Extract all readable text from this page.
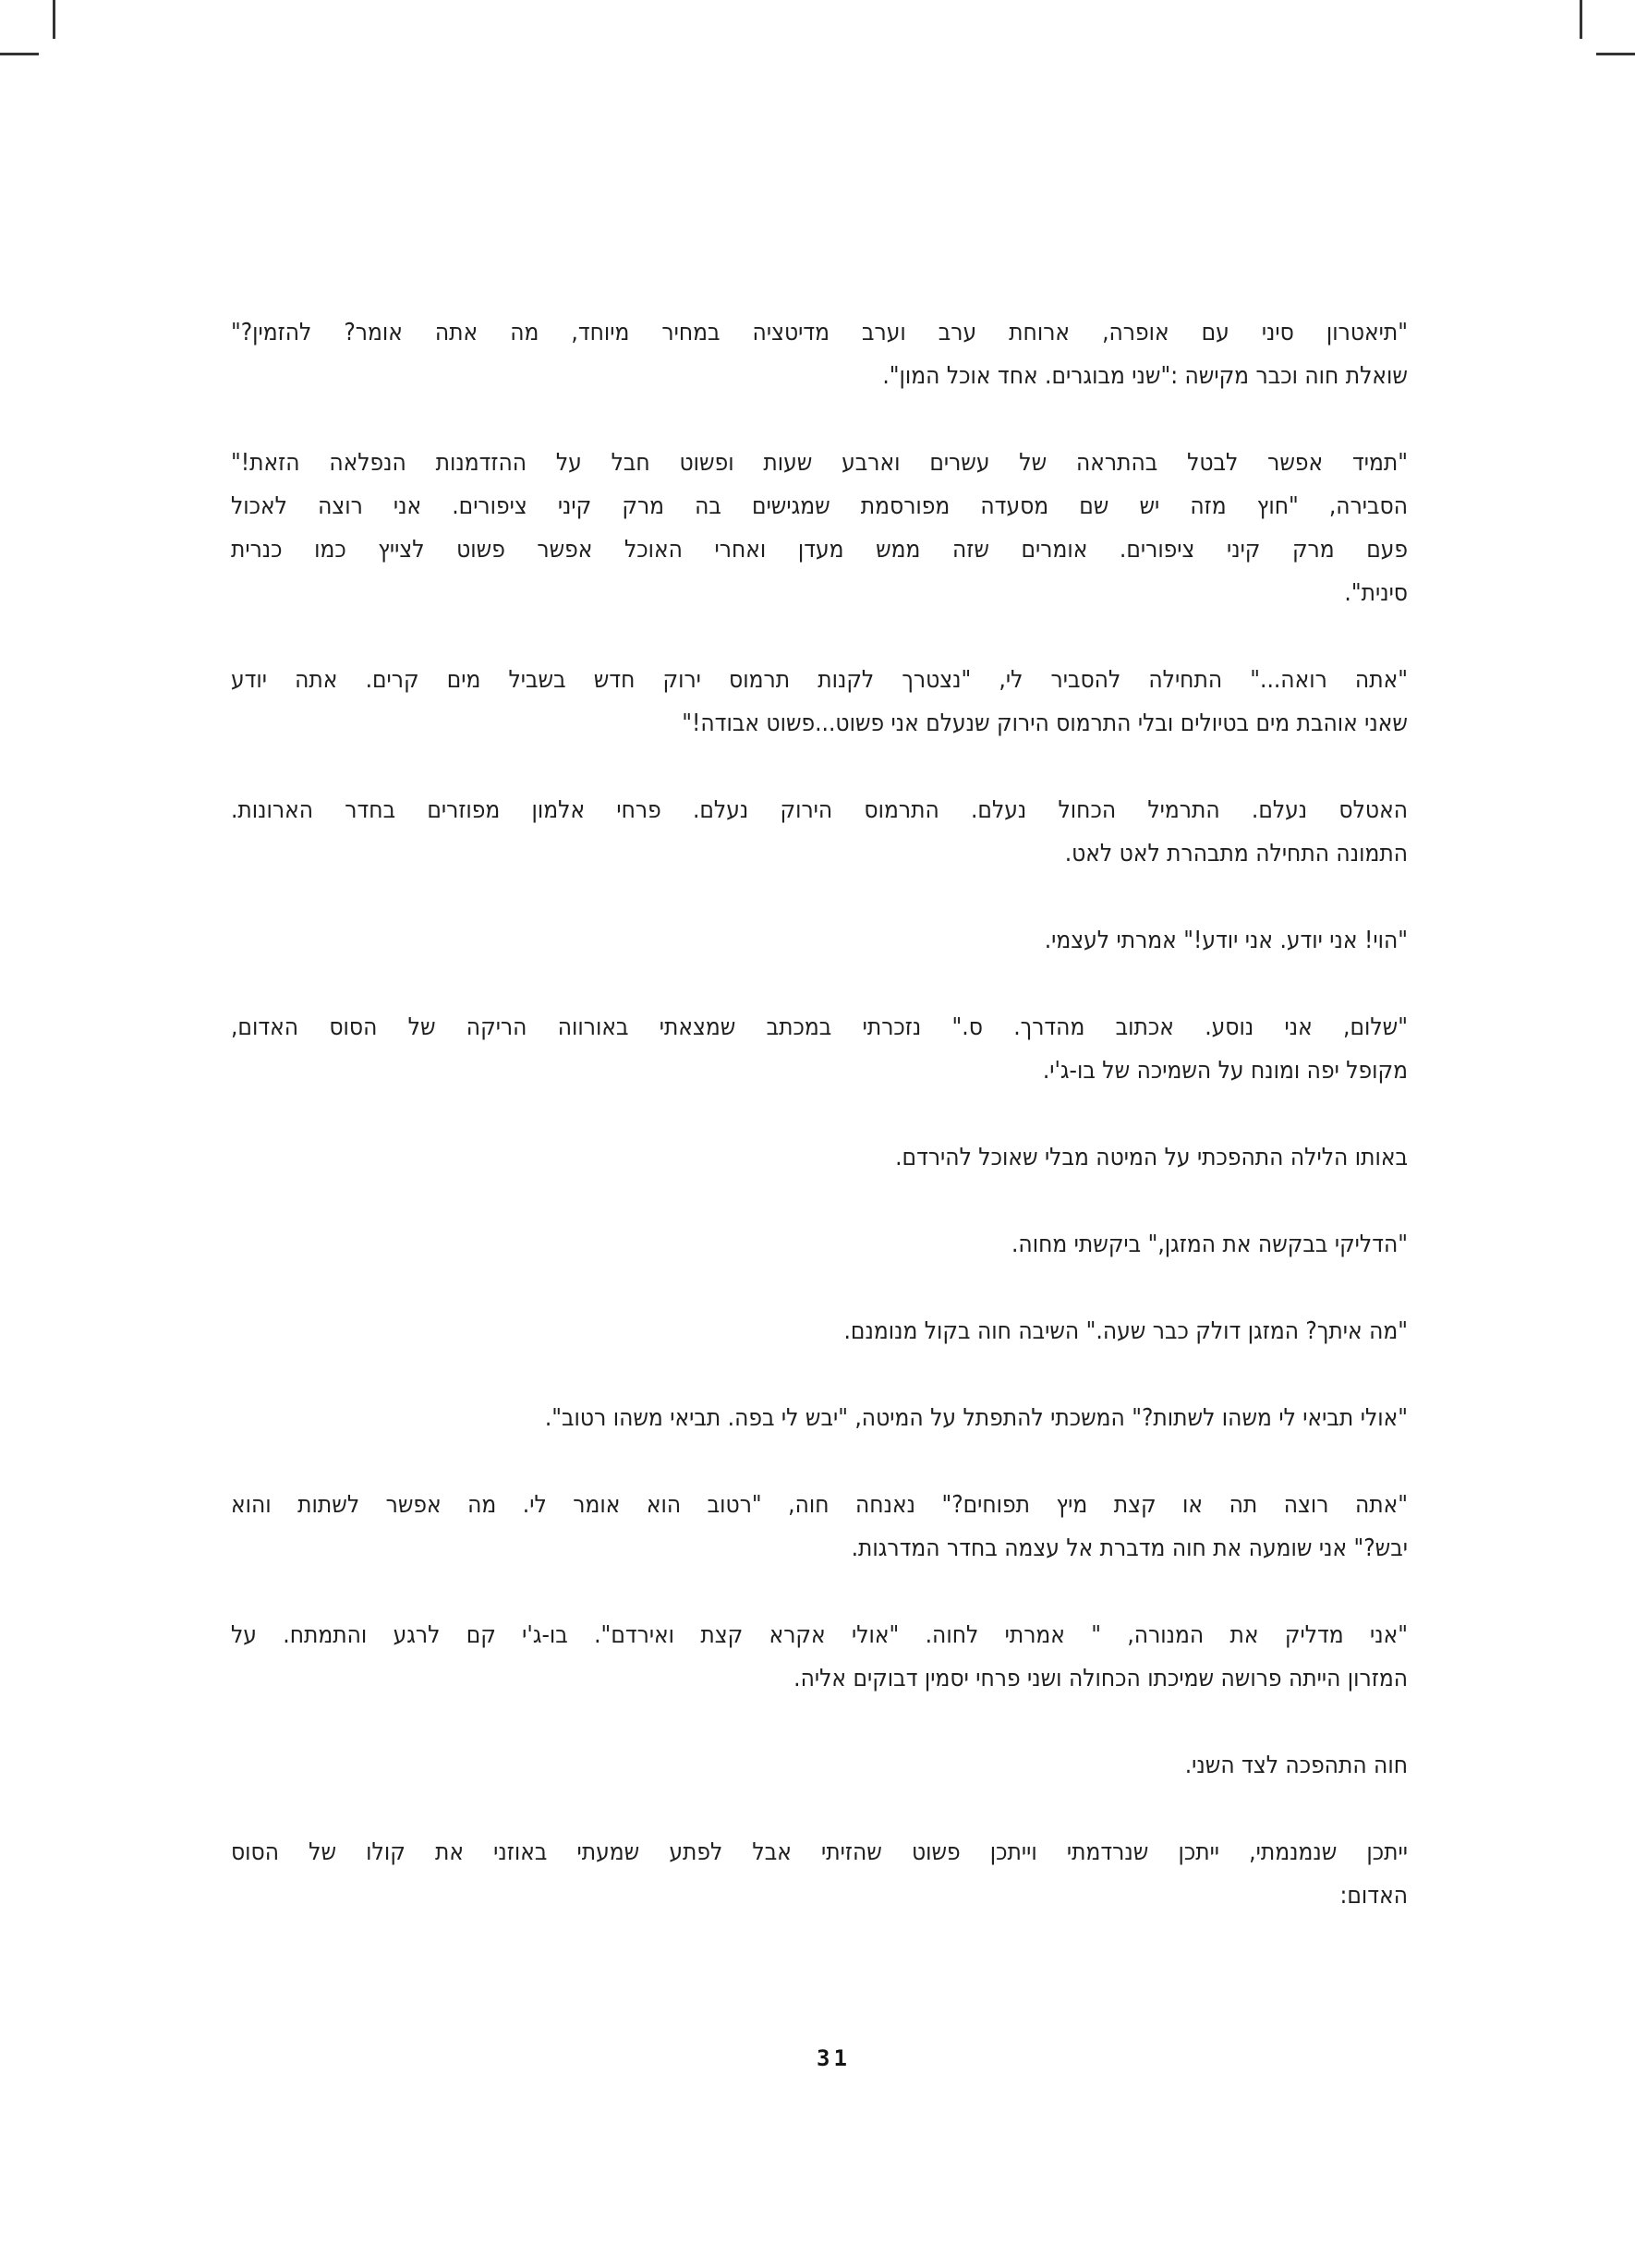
"תיאטרון סיני עם אופרה, ארוחת ערב וערב מדיטציה במחיר מיוחד, מה אתה אומר? להזמין?"
שואלת חוה וכבר מקישה :"שני מבוגרים. אחד אוכל המון".

"תמיד אפשר לבטל בהתראה של עשרים וארבע שעות ופשוט חבל על ההזדמנות הנפלאה הזאת!"
הסבירה, "חוץ מזה יש שם מסעדה מפורסמת שמגישים בה מרק קיני ציפורים. אני רוצה לאכול
פעם מרק קיני ציפורים. אומרים שזה ממש מעדן ואחרי האוכל אפשר פשוט לצייץ כמו כנרית
סינית".

"אתה רואה..." התחילה להסביר לי, "נצטרך לקנות תרמוס ירוק חדש בשביל מים קרים. אתה יודע
שאני אוהבת מים בטיולים ובלי התרמוס הירוק שנעלם אני פשוט...פשוט אבודה!"

האטלס נעלם. התרמיל הכחול נעלם. התרמוס הירוק נעלם. פרחי אלמון מפוזרים בחדר הארונות.
התמונה התחילה מתבהרת לאט לאט.

"הוי! אני יודע. אני יודע!" אמרתי לעצמי.

"שלום, אני נוסע. אכתוב מהדרך. ס." נזכרתי במכתב שמצאתי באורווה הריקה של הסוס האדום,
מקופל יפה ומונח על השמיכה של בו-ג'י.

באותו הלילה התהפכתי על המיטה מבלי שאוכל להירדם.

"הדליקי בבקשה את המזגן," ביקשתי מחוה.

"מה איתך? המזגן דולק כבר שעה." השיבה חוה בקול מנומנם.

"אולי תביאי לי משהו לשתות?" המשכתי להתפתל על המיטה, "יבש לי בפה. תביאי משהו רטוב".

"אתה רוצה תה או קצת מיץ תפוחים?" נאנחה חוה, "רטוב הוא אומר לי. מה אפשר לשתות והוא
יבש?" אני שומעה את חוה מדברת אל עצמה בחדר המדרגות.

"אני מדליק את המנורה, " אמרתי לחוה. "אולי אקרא קצת ואירדם". בו-ג'י קם לרגע והתמתח. על
המזרון הייתה פרושה שמיכתו הכחולה ושני פרחי יסמין דבוקים אליה.

חוה התהפכה לצד השני.

ייתכן שנמנמתי, ייתכן שנרדמתי וייתכן פשוט שהזיתי אבל לפתע שמעתי באוזני את קולו של הסוס
האדום:

31
